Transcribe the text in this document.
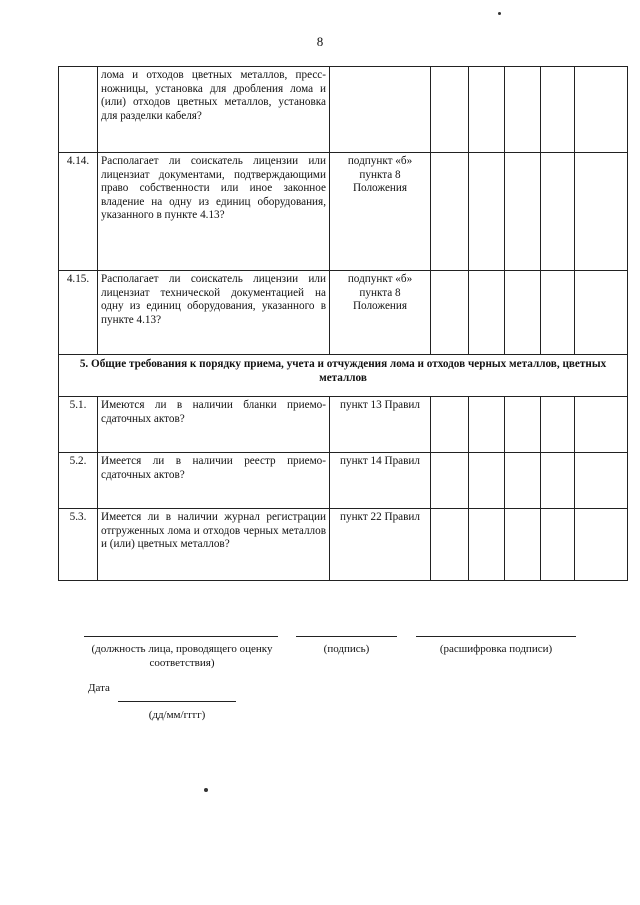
8
	лома и отходов цветных металлов, пресс-ножницы, установка для дробления лома и (или) отходов цветных металлов, установка для разделки кабеля?						
4.14.	Располагает ли соискатель лицензии или лицензиат документами, подтверждающими право собственности или иное законное владение на одну из единиц оборудования, указанного в пункте 4.13?	подпункт «б» пункта 8 Положения					
4.15.	Располагает ли соискатель лицензии или лицензиат технической документацией на одну из единиц оборудования, указанного в пункте 4.13?	подпункт «б» пункта 8 Положения					
5. Общие требования к порядку приема, учета и отчуждения лома и отходов черных металлов, цветных металлов							
5.1.	Имеются ли в наличии бланки приемо-сдаточных актов?	пункт 13 Правил					
5.2.	Имеется ли в наличии реестр приемо-сдаточных актов?	пункт 14 Правил					
5.3.	Имеется ли в наличии журнал регистрации отгруженных лома и отходов черных металлов и (или) цветных металлов?	пункт 22 Правил					
(должность лица, проводящего оценку соответствия)
(подпись)	(расшифровка подписи)
Дата
(дд/мм/гггг)
